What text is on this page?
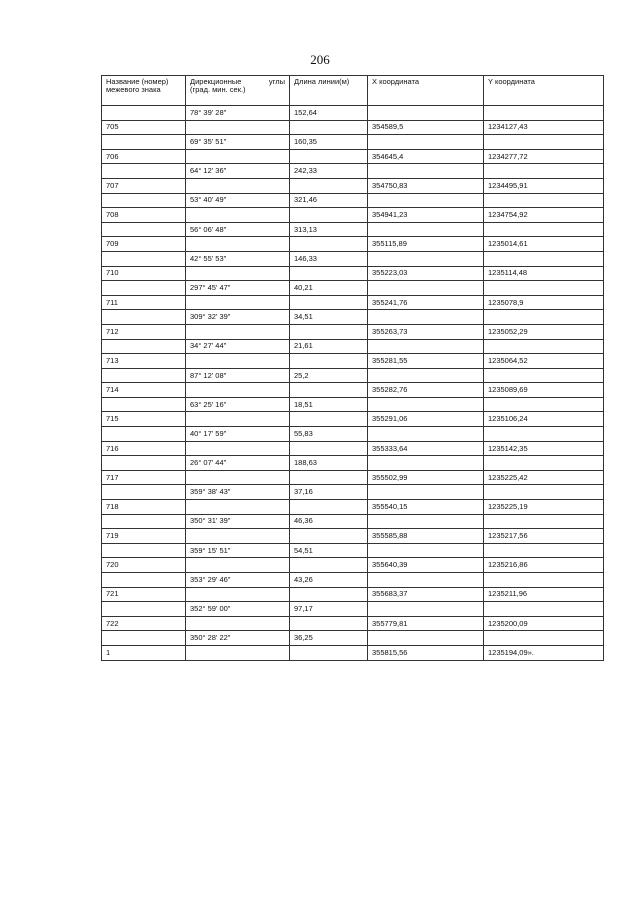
206
Название (номер) межевого знака	Дирекционные углы
(град. мин. сек.)	Длина линии(м)	X координата	Y координата
	78° 39' 28"	152,64		
705			354589,5	1234127,43
	69° 35' 51"	160,35		
706			354645,4	1234277,72
	64° 12' 36"	242,33		
707			354750,83	1234495,91
	53° 40' 49"	321,46		
708			354941,23	1234754,92
	56° 06' 48"	313,13		
709			355115,89	1235014,61
	42° 55' 53"	146,33		
710			355223,03	1235114,48
	297° 45' 47"	40,21		
711			355241,76	1235078,9
	309° 32' 39"	34,51		
712			355263,73	1235052,29
	34° 27' 44"	21,61		
713			355281,55	1235064,52
	87° 12' 08"	25,2		
714			355282,76	1235089,69
	63° 25' 16"	18,51		
715			355291,06	1235106,24
	40° 17' 59"	55,83		
716			355333,64	1235142,35
	26° 07' 44"	188,63		
717			355502,99	1235225,42
	359° 38' 43"	37,16		
718			355540,15	1235225,19
	350° 31' 39"	46,36		
719			355585,88	1235217,56
	359° 15' 51"	54,51		
720			355640,39	1235216,86
	353° 29' 46"	43,26		
721			355683,37	1235211,96
	352° 59' 00"	97,17		
722			355779,81	1235200,09
	350° 28' 22"	36,25		
1			355815,56	1235194,09».
